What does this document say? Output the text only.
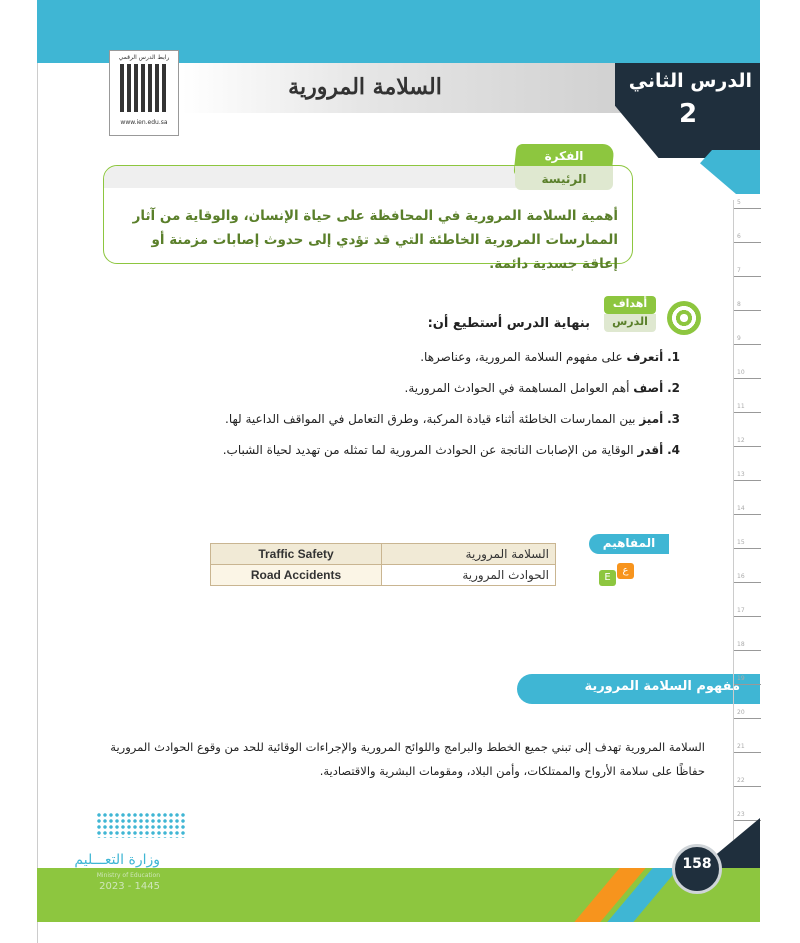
رابط الدرس الرقمي
www.ien.edu.sa
السلامة المرورية	الدرس الثاني
2
الفكرة
الرئيسة
أهمية السلامة المرورية في المحافظة على حياة الإنسان، والوقاية من آثار الممارسات المرورية الخاطئة التي قد تؤدي إلى حدوث إصابات مزمنة أو إعاقة جسدية دائمة.
أهداف
الدرس
بنهاية الدرس أستطيع أن:
1. أتعرف على مفهوم السلامة المرورية، وعناصرها.
2. أصف أهم العوامل المساهمة في الحوادث المرورية.
3. أميز بين الممارسات الخاطئة أثناء قيادة المركبة، وطرق التعامل في المواقف الداعية لها.
4. أقدر الوقاية من الإصابات الناتجة عن الحوادث المرورية لما تمثله من تهديد لحياة الشباب.
المفاهيم
ع
E
Traffic Safety	السلامة المرورية
Road Accidents	الحوادث المرورية
مفهوم السلامة المرورية
السلامة المرورية تهدف إلى تبني جميع الخطط والبرامج واللوائح المرورية والإجراءات الوقائية للحد من وقوع الحوادث المرورية حفاظًا على سلامة الأرواح والممتلكات، وأمن البلاد، ومقومات البشرية والاقتصادية.
5
6
7
8
9
10
11
12
13
14
15
16
17
18
19
20
21
22
23
158
وزارة التعـــليم
Ministry of Education
2023 - 1445
